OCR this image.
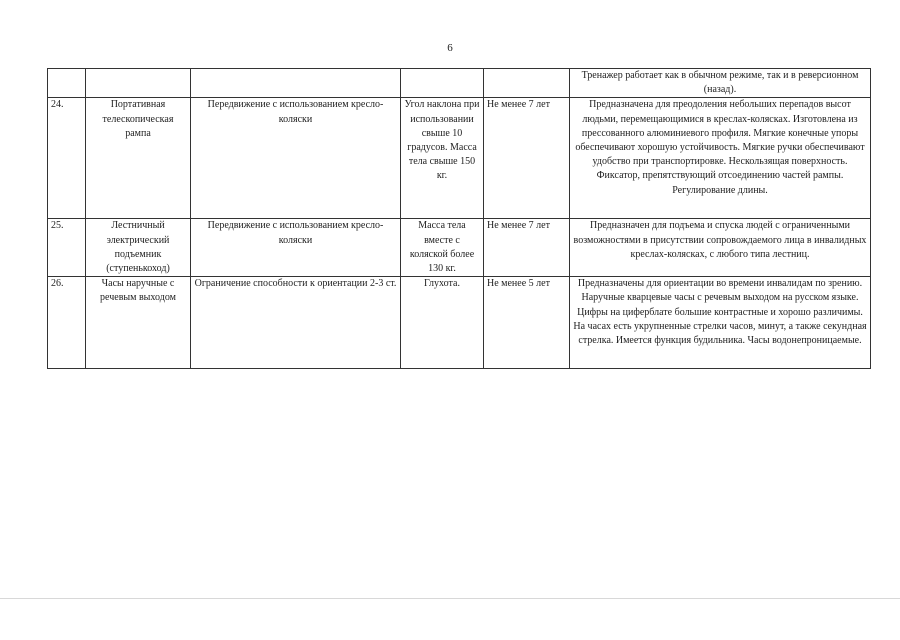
6
					Тренажер работает как в обычном режиме, так и в реверсионном (назад).
24.	Портативная телескопическая рампа	Передвижение с использованием кресло-коляски	Угол наклона при использовании свыше 10 градусов. Масса тела свыше 150 кг.	Не менее 7 лет	Предназначена для преодоления небольших перепадов высот людьми, перемещающимися в креслах-колясках. Изготовлена из прессованного алюминиевого профиля. Мягкие конечные упоры обеспечивают хорошую устойчивость. Мягкие ручки обеспечивают удобство при транспортировке. Нескользящая поверхность. Фиксатор, препятствующий отсоединению частей рампы. Регулирование длины.
25.	Лестничный электрический подъемник (ступенькоход)	Передвижение с использованием кресло-коляски	Масса тела вместе с коляской более 130 кг.	Не менее 7 лет	Предназначен для подъема и спуска людей с ограниченными возможностями в присутствии сопровождаемого лица в инвалидных креслах-колясках, с любого типа лестниц.
26.	Часы наручные с речевым выходом	Ограничение способности к ориентации 2-3 ст.	Глухота.	Не менее 5 лет	Предназначены для ориентации во времени инвалидам по зрению. Наручные кварцевые часы с речевым выходом на русском языке. Цифры на циферблате большие контрастные и хорошо различимы. На часах есть укрупненные стрелки часов, минут, а также секундная стрелка. Имеется функция будильника. Часы водонепроницаемые.
